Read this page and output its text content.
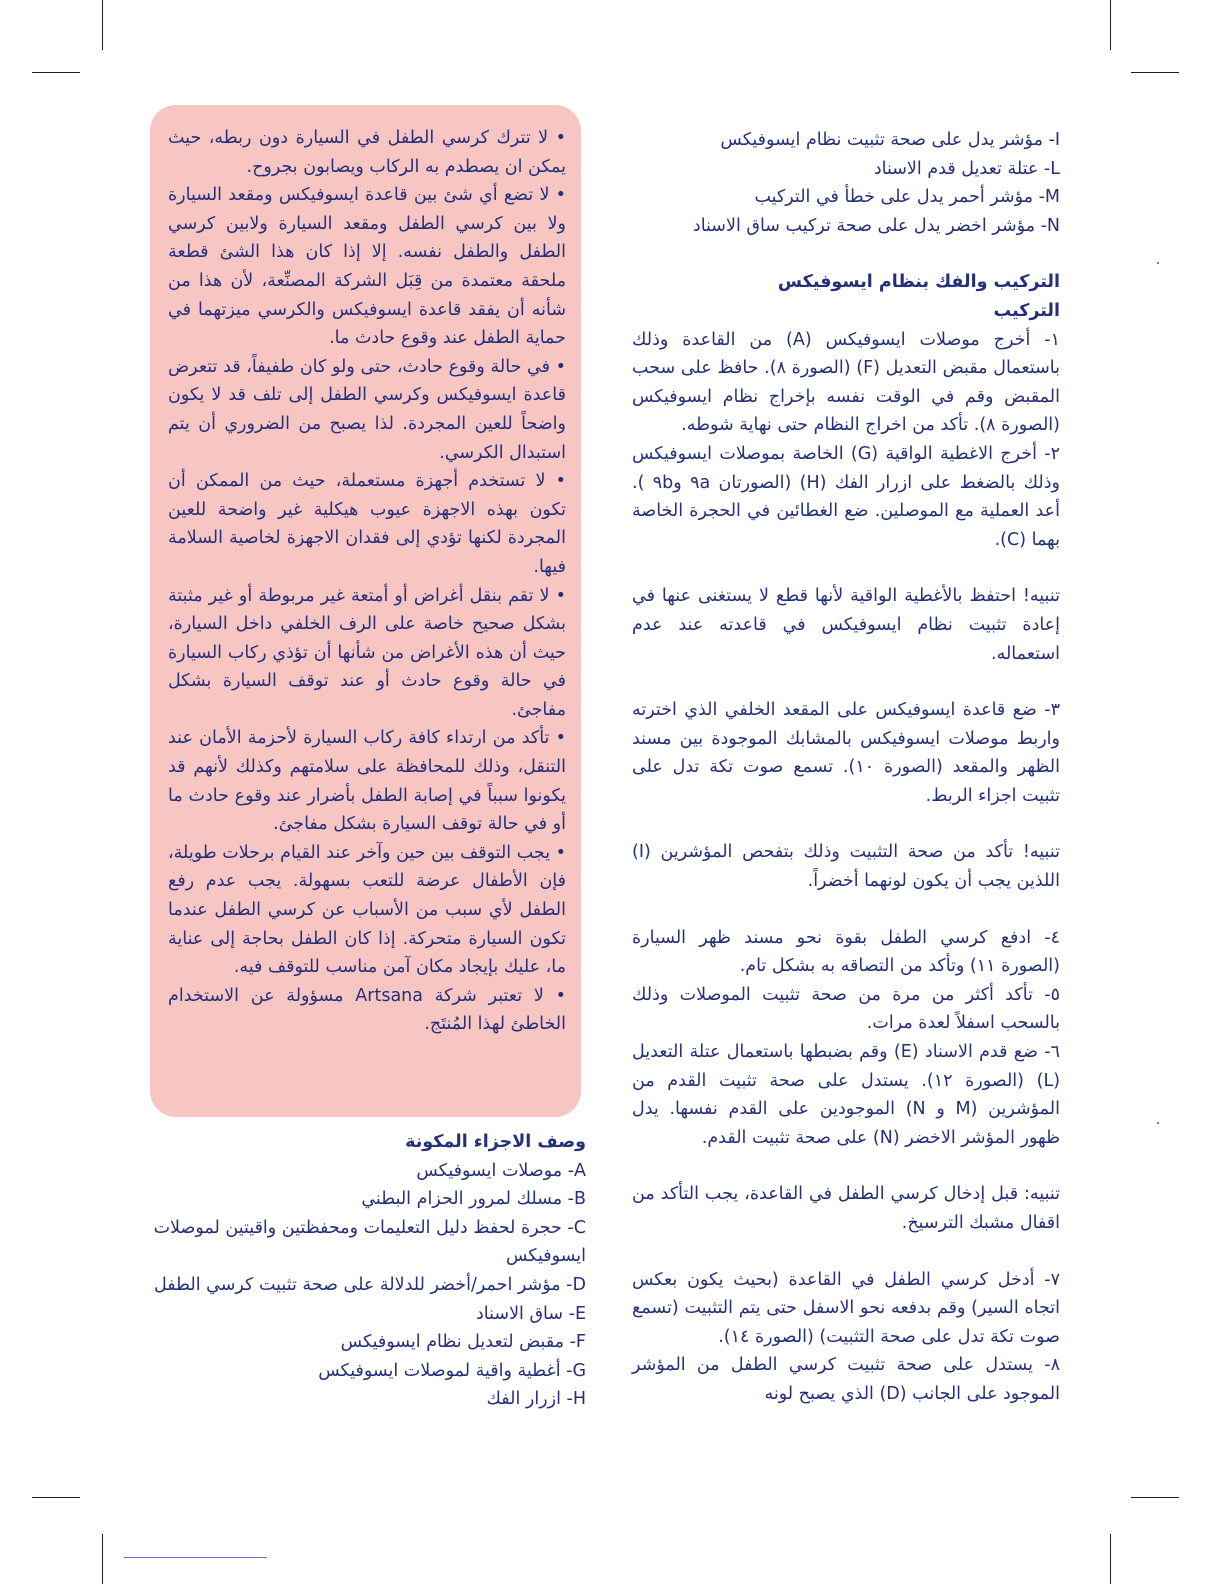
I- مؤشر يدل على صحة تثبيت نظام ايسوفيكس

L- عتلة تعديل قدم الاسناد

M- مؤشر أحمر يدل على خطأ في التركيب

N- مؤشر اخضر يدل على صحة تركيب ساق الاسناد

التركيب والفك بنظام ايسوفيكس

التركيب

١- أخرج موصلات ايسوفيكس (A) من القاعدة وذلك باستعمال مقبض التعديل (F) (الصورة ٨). حافظ على سحب المقبض وقم في الوقت نفسه بإخراج نظام ايسوفيكس (الصورة ٨). تأكد من اخراج النظام حتى نهاية شوطه.

٢- أخرج الاغطية الواقية (G) الخاصة بموصلات ايسوفيكس وذلك بالضغط على ازرار الفك (H) (الصورتان ٩a و٩b ). أعد العملية مع الموصلين. ضع الغطائين في الحجرة الخاصة بهما (C).

تنبيه! احتفظ بالأغطية الواقية لأنها قطع لا يستغنى عنها في إعادة تثبيت نظام ايسوفيكس في قاعدته عند عدم استعماله.

٣- ضع قاعدة ايسوفيكس على المقعد الخلفي الذي اخترته واربط موصلات ايسوفيكس بالمشابك الموجودة بين مسند الظهر والمقعد (الصورة ١٠). تسمع صوت تكة تدل على تثبيت اجزاء الربط.

تنبيه! تأكد من صحة التثبيت وذلك بتفحص المؤشرين (I) اللذين يجب أن يكون لونهما أخضراً.

٤- ادفع كرسي الطفل بقوة نحو مسند ظهر السيارة (الصورة ١١) وتأكد من التصاقه به بشكل تام.

٥- تأكد أكثر من مرة من صحة تثبيت الموصلات وذلك بالسحب اسفلاً لعدة مرات.

٦- ضع قدم الاسناد (E) وقم بضبطها باستعمال عتلة التعديل (L) (الصورة ١٢). يستدل على صحة تثبيت القدم من المؤشرين (M و N) الموجودين على القدم نفسها. يدل ظهور المؤشر الاخضر (N) على صحة تثبيت القدم.

تنبيه: قبل إدخال كرسي الطفل في القاعدة، يجب التأكد من اقفال مشبك الترسيخ.

٧- أدخل كرسي الطفل في القاعدة (بحيث يكون بعكس اتجاه السير) وقم بدفعه نحو الاسفل حتى يتم التثبيت (تسمع صوت تكة تدل على صحة التثبيت) (الصورة ١٤).

٨- يستدل على صحة تثبيت كرسي الطفل من المؤشر الموجود على الجانب (D) الذي يصبح لونه

• لا تترك كرسي الطفل في السيارة دون ربطه، حيث يمكن ان يصطدم به الركاب ويصابون بجروح.

• لا تضع أي شئ بين قاعدة ايسوفيكس ومقعد السيارة ولا بين كرسي الطفل ومقعد السيارة ولابين كرسي الطفل والطفل نفسه. إلا إذا كان هذا الشئ قطعة ملحقة معتمدة من قِبَل الشركة المصنِّعة، لأن هذا من شأنه أن يفقد قاعدة ايسوفيكس والكرسي ميزتهما في حماية الطفل عند وقوع حادث ما.

• في حالة وقوع حادث، حتى ولو كان طفيفاً، قد تتعرض قاعدة ايسوفيكس وكرسي الطفل إلى تلف قد لا يكون واضحاً للعين المجردة. لذا يصبح من الضروري أن يتم استبدال الكرسي.

• لا تستخدم أجهزة مستعملة، حيث من الممكن أن تكون بهذه الاجهزة عيوب هيكلية غير واضحة للعين المجردة لكنها تؤدي إلى فقدان الاجهزة لخاصية السلامة فيها.

• لا تقم بنقل أغراض أو أمتعة غير مربوطة أو غير مثبتة بشكل صحيح خاصة على الرف الخلفي داخل السيارة، حيث أن هذه الأغراض من شأنها أن تؤذي ركاب السيارة في حالة وقوع حادث أو عند توقف السيارة بشكل مفاجئ.

• تأكد من ارتداء كافة ركاب السيارة لأحزمة الأمان عند التنقل، وذلك للمحافظة على سلامتهم وكذلك لأنهم قد يكونوا سبباً في إصابة الطفل بأضرار عند وقوع حادث ما أو في حالة توقف السيارة بشكل مفاجئ.

• يجب التوقف بين حين وآخر عند القيام برحلات طويلة، فإن الأطفال عرضة للتعب بسهولة. يجب عدم رفع الطفل لأي سبب من الأسباب عن كرسي الطفل عندما تكون السيارة متحركة. إذا كان الطفل بحاجة إلى عناية ما، عليك بإيجاد مكان آمن مناسب للتوقف فيه.

• لا تعتبر شركة Artsana مسؤولة عن الاستخدام الخاطئ لهذا المُنتَج.

وصف الاجزاء المكونة

A- موصلات ايسوفيكس

B- مسلك لمرور الحزام البطني

C- حجرة لحفظ دليل التعليمات ومحفظتين واقيتين لموصلات ايسوفيكس

D- مؤشر احمر/أخضر للدلالة على صحة تثبيت كرسي الطفل

E- ساق الاسناد

F- مقبض لتعديل نظام ايسوفيكس

G- أغطية واقية لموصلات ايسوفيكس

H- ازرار الفك
